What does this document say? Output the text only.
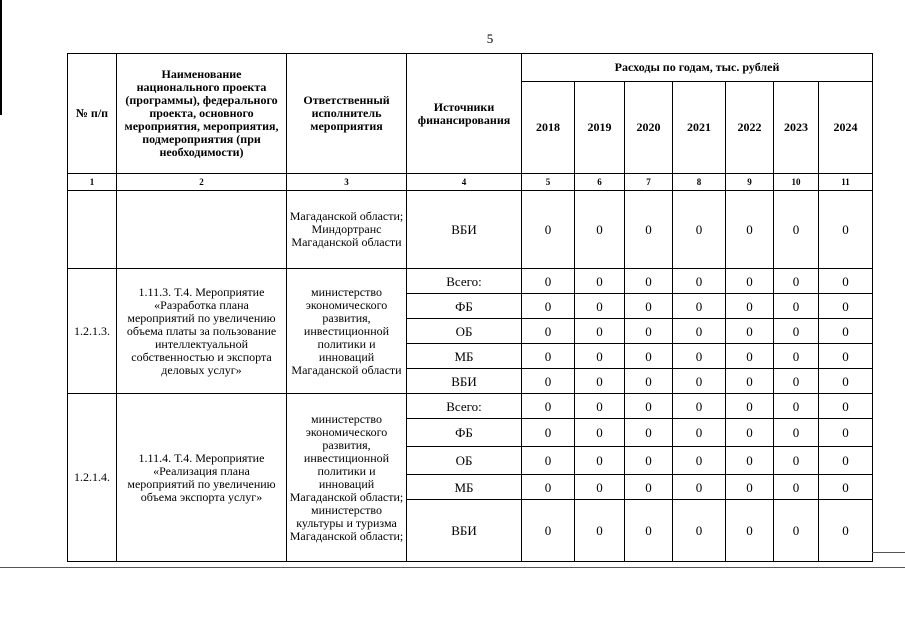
5
№ п/п	Наименование национального проекта (программы), федерального проекта, основного мероприятия, мероприятия, подмероприятия (при необходимости)	Ответственный исполнитель мероприятия	Источники финансирования	Расходы по годам, тыс. рублей						
				2018	2019	2020	2021	2022	2023	2024
1	2	3	4	5	6	7	8	9	10	11
		Магаданской области; Миндортранс Магаданской области	ВБИ	0	0	0	0	0	0	0
1.2.1.3.	1.11.3. Т.4. Мероприятие «Разработка плана мероприятий по увеличению объема платы за пользование интеллектуальной собственностью и экспорта деловых услуг»	министерство экономического развития, инвестиционной политики и инноваций Магаданской области	Всего:	0	0	0	0	0	0	0
			ФБ	0	0	0	0	0	0	0
			ОБ	0	0	0	0	0	0	0
			МБ	0	0	0	0	0	0	0
			ВБИ	0	0	0	0	0	0	0
1.2.1.4.	1.11.4. Т.4. Мероприятие «Реализация плана мероприятий по увеличению объема экспорта услуг»	министерство экономического развития, инвестиционной политики и инноваций Магаданской области; министерство культуры и туризма Магаданской области;	Всего:	0	0	0	0	0	0	0
			ФБ	0	0	0	0	0	0	0
			ОБ	0	0	0	0	0	0	0
			МБ	0	0	0	0	0	0	0
			ВБИ	0	0	0	0	0	0	0
